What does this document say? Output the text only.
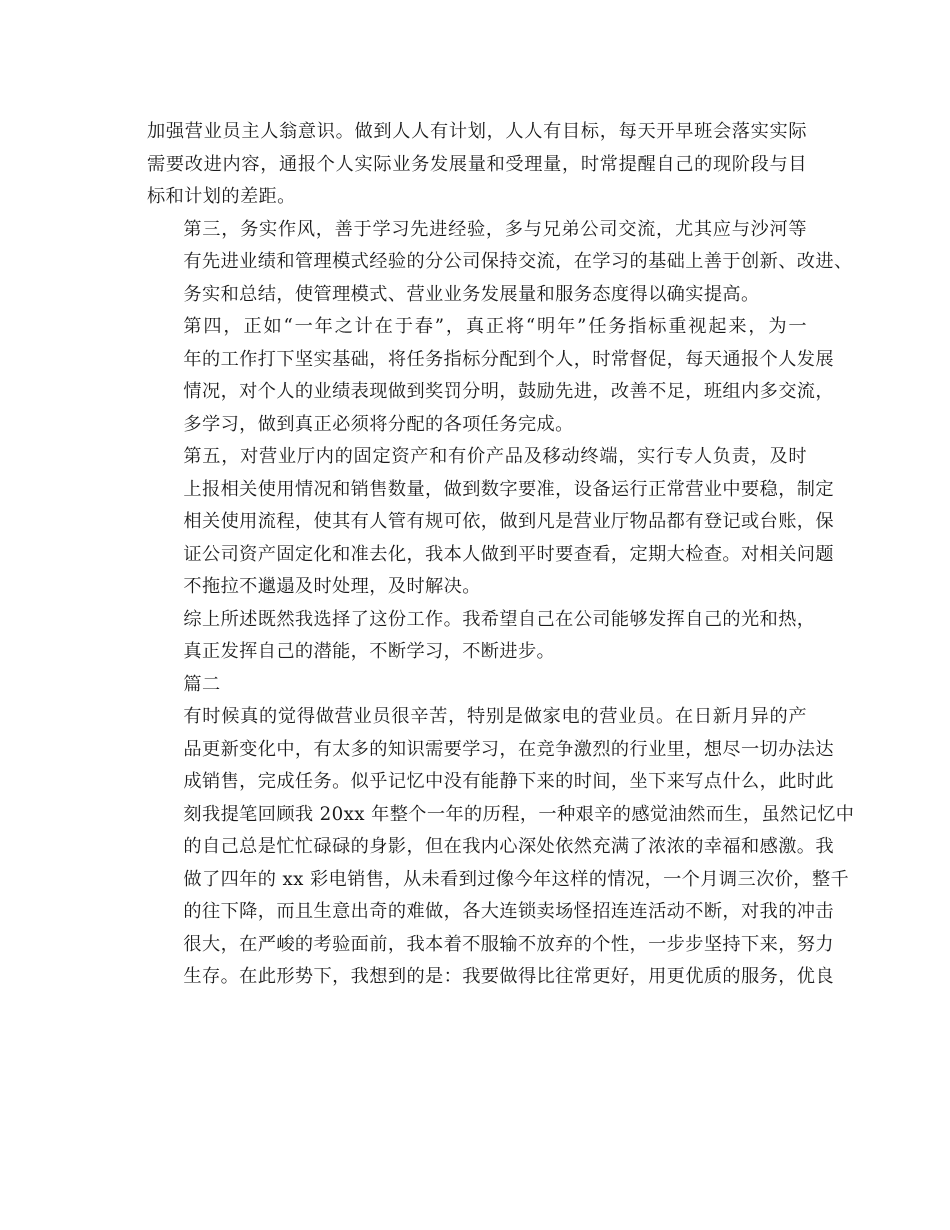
加强营业员主人翁意识。做到人人有计划，人人有目标，每天开早班会落实实际
需要改进内容，通报个人实际业务发展量和受理量，时常提醒自己的现阶段与目
标和计划的差距。
第三，务实作风，善于学习先进经验，多与兄弟公司交流，尤其应与沙河等
有先进业绩和管理模式经验的分公司保持交流，在学习的基础上善于创新、改进、
务实和总结，使管理模式、营业业务发展量和服务态度得以确实提高。
第四，正如“一年之计在于春”，真正将“明年”任务指标重视起来，为一
年的工作打下坚实基础，将任务指标分配到个人，时常督促，每天通报个人发展
情况，对个人的业绩表现做到奖罚分明，鼓励先进，改善不足，班组内多交流，
多学习，做到真正必须将分配的各项任务完成。
第五，对营业厅内的固定资产和有价产品及移动终端，实行专人负责，及时
上报相关使用情况和销售数量，做到数字要准，设备运行正常营业中要稳，制定
相关使用流程，使其有人管有规可依，做到凡是营业厅物品都有登记或台账，保
证公司资产固定化和准去化，我本人做到平时要查看，定期大检查。对相关问题
不拖拉不邋遢及时处理，及时解决。
综上所述既然我选择了这份工作。我希望自己在公司能够发挥自己的光和热，
真正发挥自己的潜能，不断学习，不断进步。
篇二
有时候真的觉得做营业员很辛苦，特别是做家电的营业员。在日新月异的产
品更新变化中，有太多的知识需要学习，在竞争激烈的行业里，想尽一切办法达
成销售，完成任务。似乎记忆中没有能静下来的时间，坐下来写点什么，此时此
刻我提笔回顾我 20xx 年整个一年的历程，一种艰辛的感觉油然而生，虽然记忆中
的自己总是忙忙碌碌的身影，但在我内心深处依然充满了浓浓的幸福和感激。我
做了四年的 xx 彩电销售，从未看到过像今年这样的情况，一个月调三次价，整千
的往下降，而且生意出奇的难做，各大连锁卖场怪招连连活动不断，对我的冲击
很大，在严峻的考验面前，我本着不服输不放弃的个性，一步步坚持下来，努力
生存。在此形势下，我想到的是：我要做得比往常更好，用更优质的服务，优良
